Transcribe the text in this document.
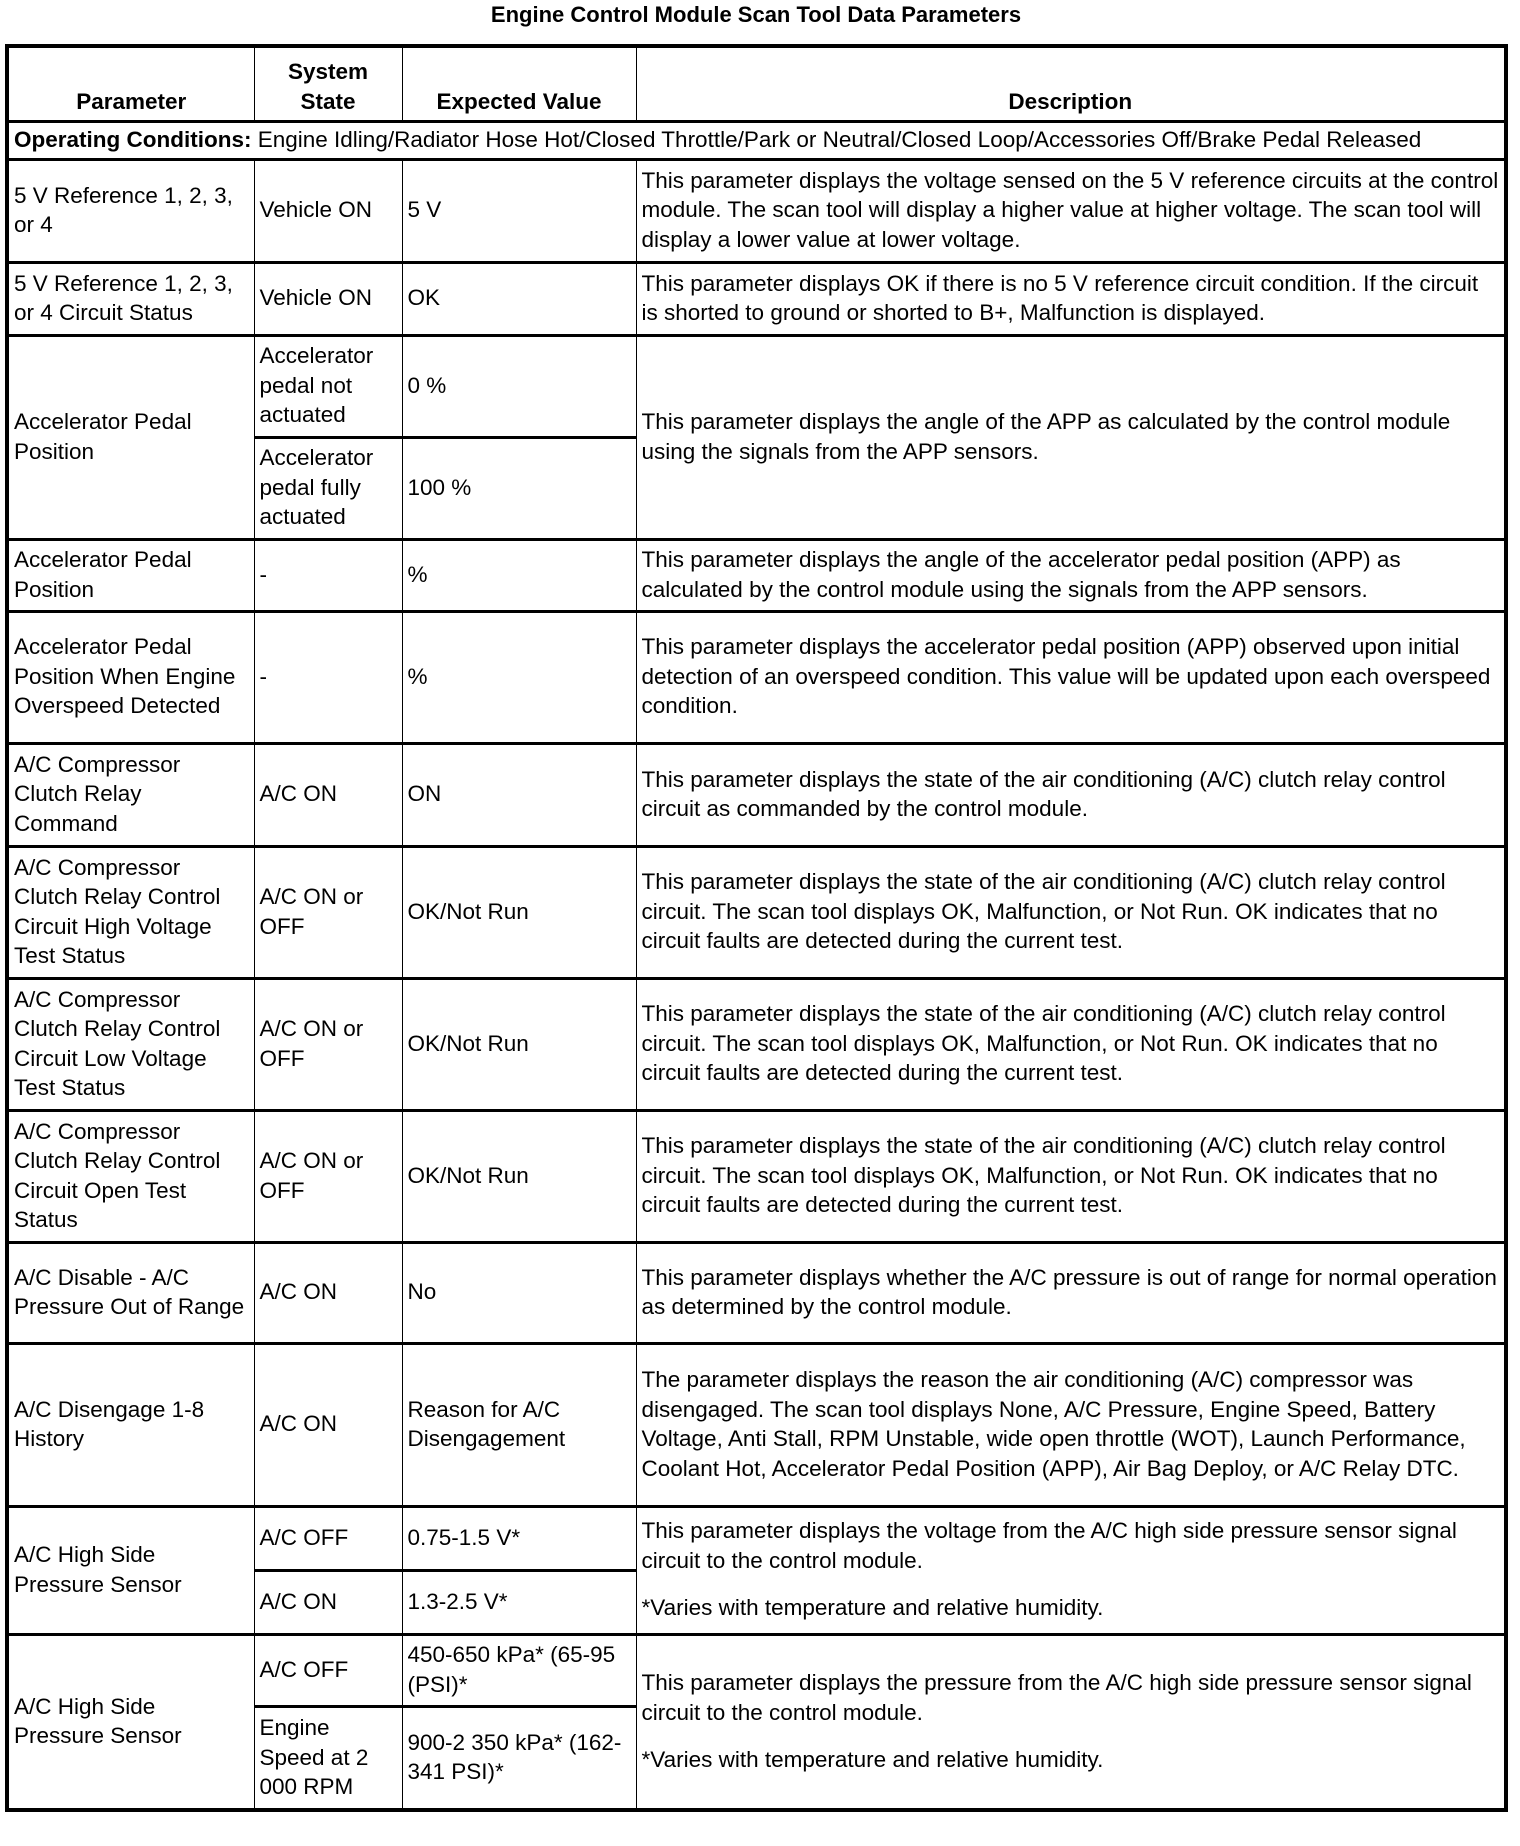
Engine Control Module Scan Tool Data Parameters
Parameter	System State	Expected Value	Description
Operating Conditions: Engine Idling/Radiator Hose Hot/Closed Throttle/Park or Neutral/Closed Loop/Accessories Off/Brake Pedal Released			
5 V Reference 1, 2, 3, or 4	Vehicle ON	5 V	This parameter displays the voltage sensed on the 5 V reference circuits at the control module. The scan tool will display a higher value at higher voltage. The scan tool will display a lower value at lower voltage.
5 V Reference 1, 2, 3, or 4 Circuit Status	Vehicle ON	OK	This parameter displays OK if there is no 5 V reference circuit condition. If the circuit is shorted to ground or shorted to B+, Malfunction is displayed.
Accelerator Pedal Position	Accelerator pedal not actuated	0 %	This parameter displays the angle of the APP as calculated by the control module using the signals from the APP sensors.
	Accelerator pedal fully actuated	100 %	
Accelerator Pedal Position	-	%	This parameter displays the angle of the accelerator pedal position (APP) as calculated by the control module using the signals from the APP sensors.
Accelerator Pedal Position When Engine Overspeed Detected	-	%	This parameter displays the accelerator pedal position (APP) observed upon initial detection of an overspeed condition. This value will be updated upon each overspeed condition.
A/C Compressor Clutch Relay Command	A/C ON	ON	This parameter displays the state of the air conditioning (A/C) clutch relay control circuit as commanded by the control module.
A/C Compressor Clutch Relay Control Circuit High Voltage Test Status	A/C ON or OFF	OK/Not Run	This parameter displays the state of the air conditioning (A/C) clutch relay control circuit. The scan tool displays OK, Malfunction, or Not Run. OK indicates that no circuit faults are detected during the current test.
A/C Compressor Clutch Relay Control Circuit Low Voltage Test Status	A/C ON or OFF	OK/Not Run	This parameter displays the state of the air conditioning (A/C) clutch relay control circuit. The scan tool displays OK, Malfunction, or Not Run. OK indicates that no circuit faults are detected during the current test.
A/C Compressor Clutch Relay Control Circuit Open Test Status	A/C ON or OFF	OK/Not Run	This parameter displays the state of the air conditioning (A/C) clutch relay control circuit. The scan tool displays OK, Malfunction, or Not Run. OK indicates that no circuit faults are detected during the current test.
A/C Disable - A/C Pressure Out of Range	A/C ON	No	This parameter displays whether the A/C pressure is out of range for normal operation as determined by the control module.
A/C Disengage 1-8 History	A/C ON	Reason for A/C Disengagement	The parameter displays the reason the air conditioning (A/C) compressor was disengaged. The scan tool displays None, A/C Pressure, Engine Speed, Battery Voltage, Anti Stall, RPM Unstable, wide open throttle (WOT), Launch Performance, Coolant Hot, Accelerator Pedal Position (APP), Air Bag Deploy, or A/C Relay DTC.
A/C High Side Pressure Sensor	A/C OFF	0.75-1.5 V*	This parameter displays the voltage from the A/C high side pressure sensor signal circuit to the control module.
*Varies with temperature and relative humidity.

	A/C ON	1.3-2.5 V*	
A/C High Side Pressure Sensor	A/C OFF	450-650 kPa* (65-95 (PSI)*	This parameter displays the pressure from the A/C high side pressure sensor signal circuit to the control module.
*Varies with temperature and relative humidity.

	Engine Speed at 2 000 RPM	900-2 350 kPa* (162-341 PSI)*	
